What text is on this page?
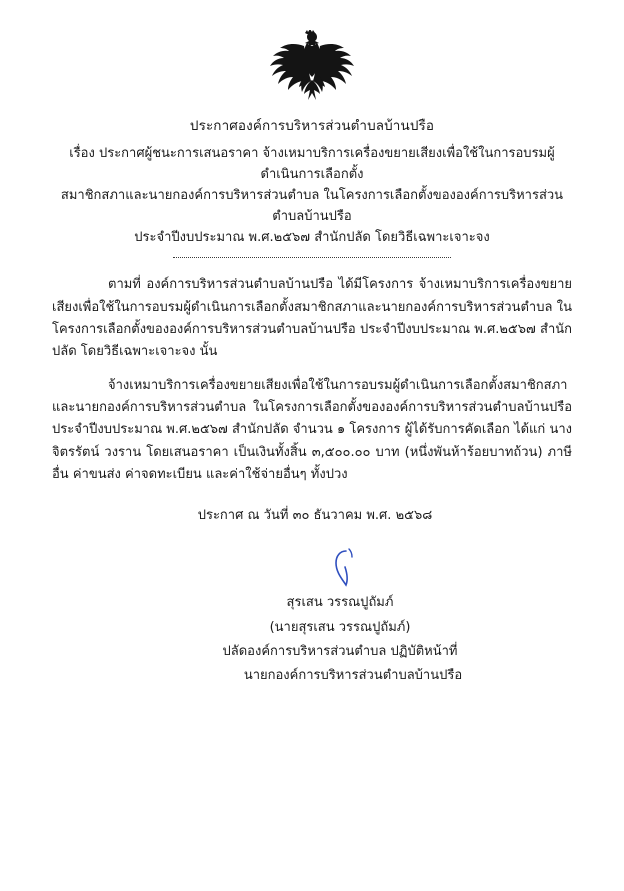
ประกาศองค์การบริหารส่วนตำบลบ้านปรือ
เรื่อง ประกาศผู้ชนะการเสนอราคา จ้างเหมาบริการเครื่องขยายเสียงเพื่อใช้ในการอบรมผู้ดำเนินการเลือกตั้ง
สมาชิกสภาและนายกองค์การบริหารส่วนตำบล ในโครงการเลือกตั้งขององค์การบริหารส่วนตำบลบ้านปรือ
ประจำปีงบประมาณ พ.ศ.๒๕๖๗ สำนักปลัด โดยวิธีเฉพาะเจาะจง

ตามที่ องค์การบริหารส่วนตำบลบ้านปรือ ได้มีโครงการ จ้างเหมาบริการเครื่องขยายเสียงเพื่อใช้ในการอบรมผู้ดำเนินการเลือกตั้งสมาชิกสภาและนายกองค์การบริหารส่วนตำบล ในโครงการเลือกตั้งขององค์การบริหารส่วนตำบลบ้านปรือ ประจำปีงบประมาณ พ.ศ.๒๕๖๗ สำนักปลัด โดยวิธีเฉพาะเจาะจง นั้น

จ้างเหมาบริการเครื่องขยายเสียงเพื่อใช้ในการอบรมผู้ดำเนินการเลือกตั้งสมาชิกสภาและนายกองค์การบริหารส่วนตำบล ในโครงการเลือกตั้งขององค์การบริหารส่วนตำบลบ้านปรือ ประจำปีงบประมาณ พ.ศ.๒๕๖๗ สำนักปลัด จำนวน ๑ โครงการ ผู้ได้รับการคัดเลือก ได้แก่ นางจิตรรัตน์ วงราน โดยเสนอราคา เป็นเงินทั้งสิ้น ๓,๕๐๐.๐๐ บาท (หนึ่งพันห้าร้อยบาทถ้วน) ภาษีอื่น ค่าขนส่ง ค่าจดทะเบียน และค่าใช้จ่ายอื่นๆ ทั้งปวง

ประกาศ ณ วันที่ ๓๐ ธันวาคม พ.ศ. ๒๕๖๘
สุรเสน วรรณปูถัมภ์
(นายสุรเสน วรรณปูถัมภ์)
ปลัดองค์การบริหารส่วนตำบล ปฏิบัติหน้าที่
นายกองค์การบริหารส่วนตำบลบ้านปรือ
